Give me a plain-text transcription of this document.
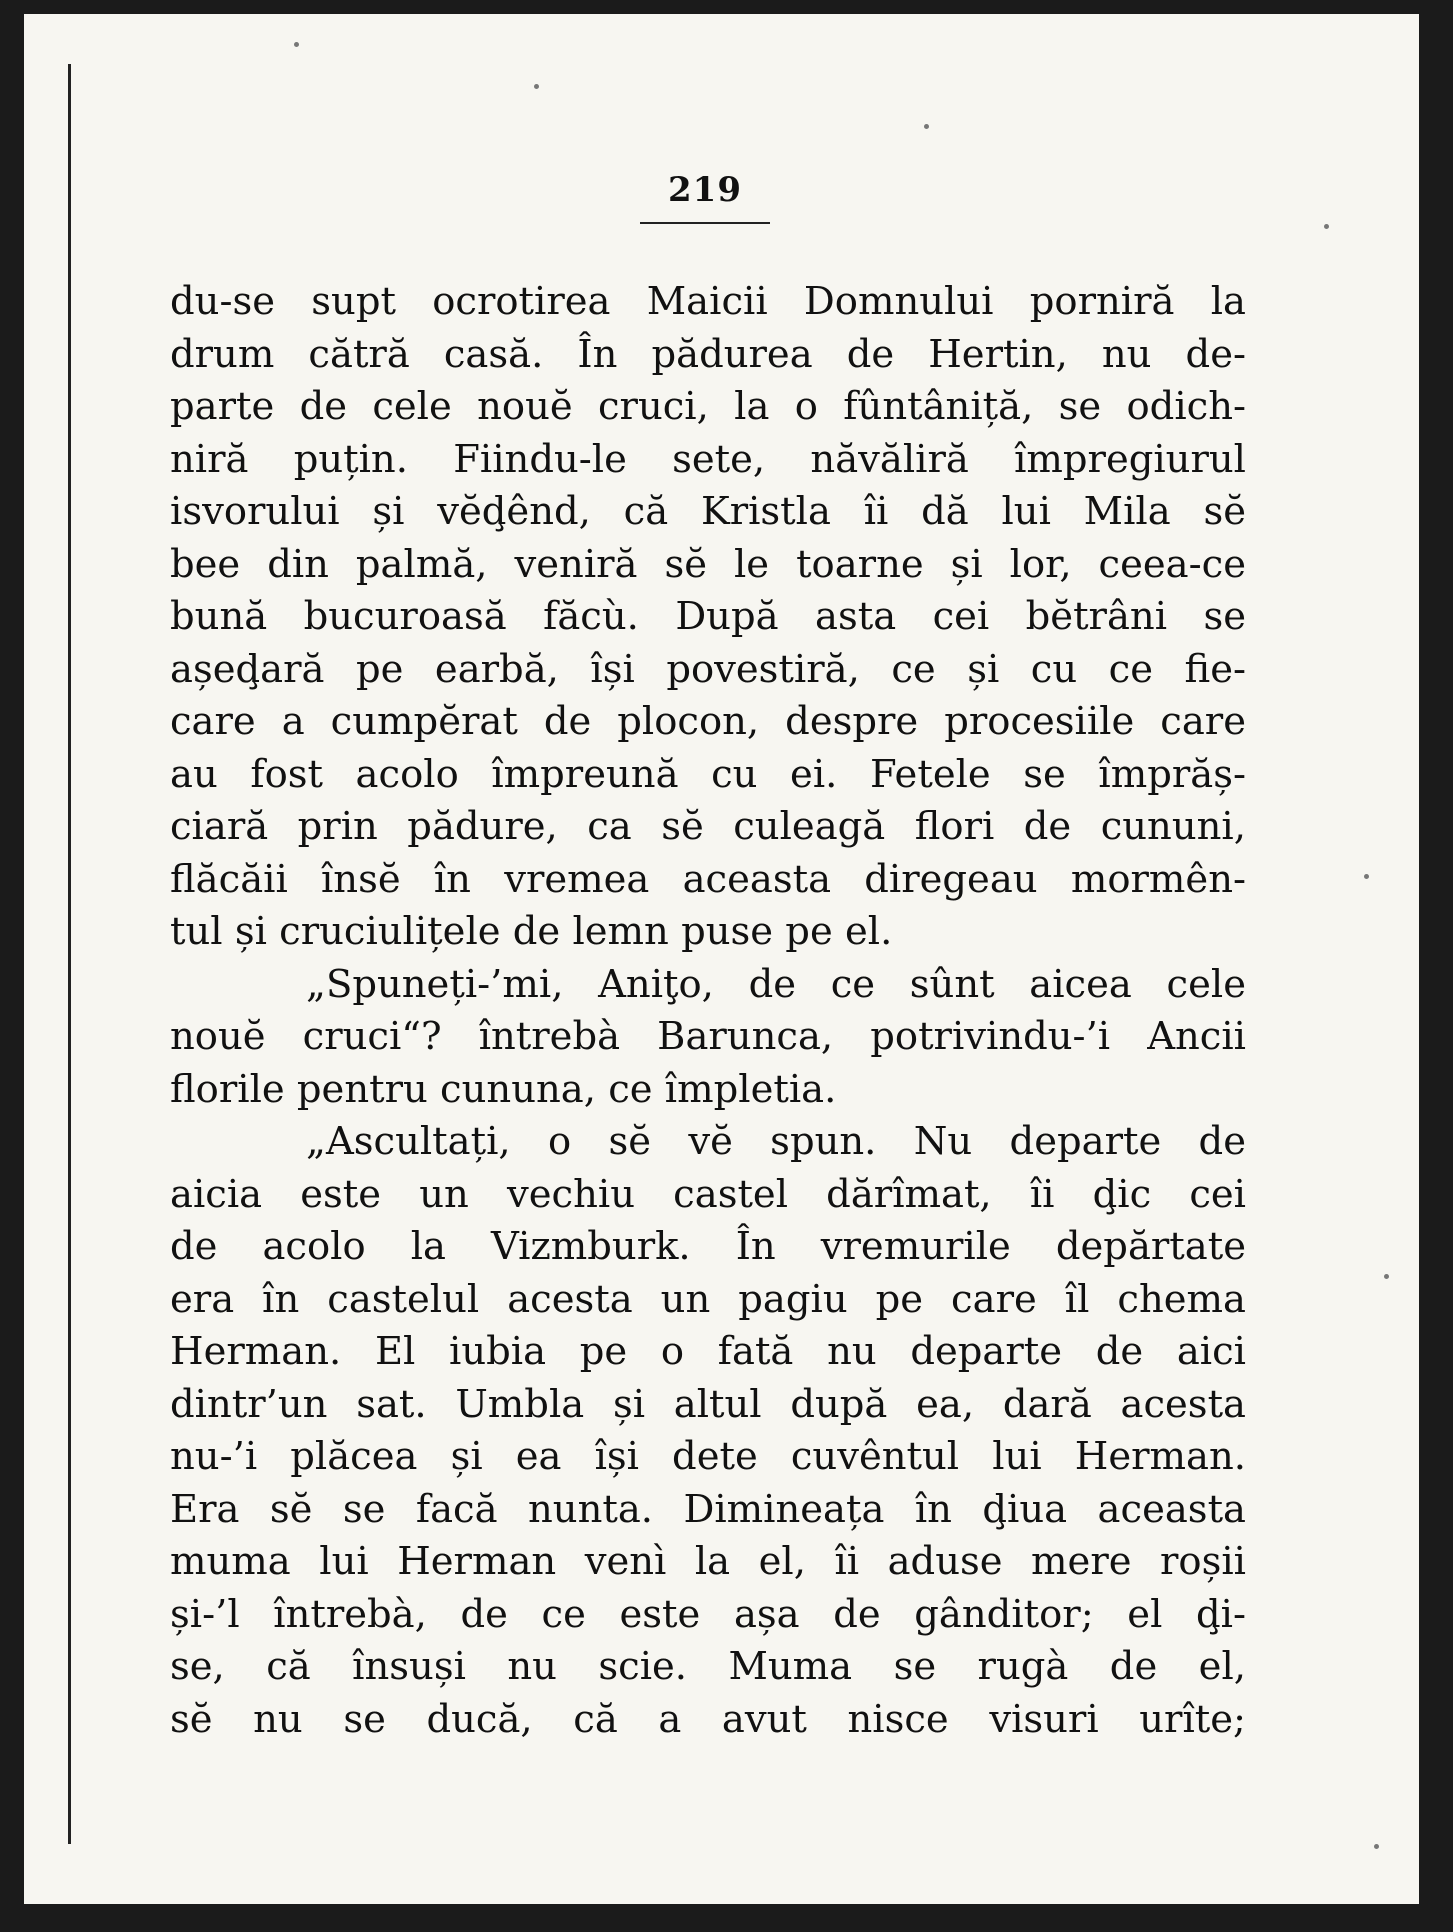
219
du-se supt ocrotirea Maicii Domnului porniră la
drum cătră casă. În pădurea de Hertin, nu de-
parte de cele nouĕ cruci, la o fûntâniță, se odich-
niră puțin. Fiindu-le sete, năvăliră împregiurul
isvorului și vĕḑênd, că Kristla îi dă lui Mila sĕ
bee din palmă, veniră sĕ le toarne și lor, ceea-ce
bună bucuroasă făcù. După asta cei bĕtrâni se
așeḑară pe earbă, își povestiră, ce și cu ce fie-
care a cumpĕrat de plocon, despre procesiile care
au fost acolo împreună cu ei. Fetele se împrăș-
ciară prin pădure, ca sĕ culeagă flori de cununi,
flăcăii însĕ în vremea aceasta diregeau mormên-
tul și cruciulițele de lemn puse pe el.
„Spuneți-’mi, Aniţo, de ce sûnt aicea cele
nouĕ cruci“? întrebà Barunca, potrivindu-’i Ancii
florile pentru cununa, ce împletia.
„Ascultați, o sĕ vĕ spun. Nu departe de
aicia este un vechiu castel dărîmat, îi ḑic cei
de acolo la Vizmburk. În vremurile depărtate
era în castelul acesta un pagiu pe care îl chema
Herman. El iubia pe o fată nu departe de aici
dintr’un sat. Umbla și altul după ea, dară acesta
nu-’i plăcea și ea își dete cuvêntul lui Herman.
Era sĕ se facă nunta. Dimineața în ḑiua aceasta
muma lui Herman venì la el, îi aduse mere roșii
și-’l întrebà, de ce este așa de gânditor; el ḑi-
se, că însuși nu scie. Muma se rugà de el,
sĕ nu se ducă, că a avut nisce visuri urîte;
